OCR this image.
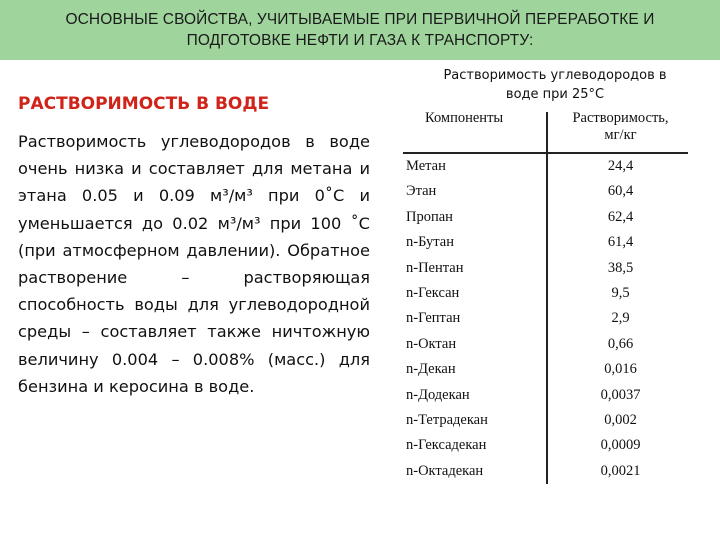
ОСНОВНЫЕ СВОЙСТВА, УЧИТЫВАЕМЫЕ ПРИ ПЕРВИЧНОЙ ПЕРЕРАБОТКЕ И
ПОДГОТОВКЕ НЕФТИ И ГАЗА К ТРАНСПОРТУ:
РАСТВОРИМОСТЬ В ВОДЕ

Растворимость углеводородов в воде очень низка и составляет для метана и этана 0.05 и 0.09 м³/м³ при 0˚С и уменьшается до 0.02 м³/м³ при 100 ˚С (при атмосферном давлении). Обратное растворение – растворяющая способность воды для углеводородной среды – составляет также ничтожную величину 0.004 – 0.008% (масс.) для бензина и керосина в воде.

Растворимость углеводородов в
воде при 25°С
Компоненты	Растворимость,
мг/кг
Метан	24,4
Этан	60,4
Пропан	62,4
n-Бутан	61,4
n-Пентан	38,5
n-Гексан	9,5
n-Гептан	2,9
n-Октан	0,66
n-Декан	0,016
n-Додекан	0,0037
n-Тетрадекан	0,002
n-Гексадекан	0,0009
n-Октадекан	0,0021
